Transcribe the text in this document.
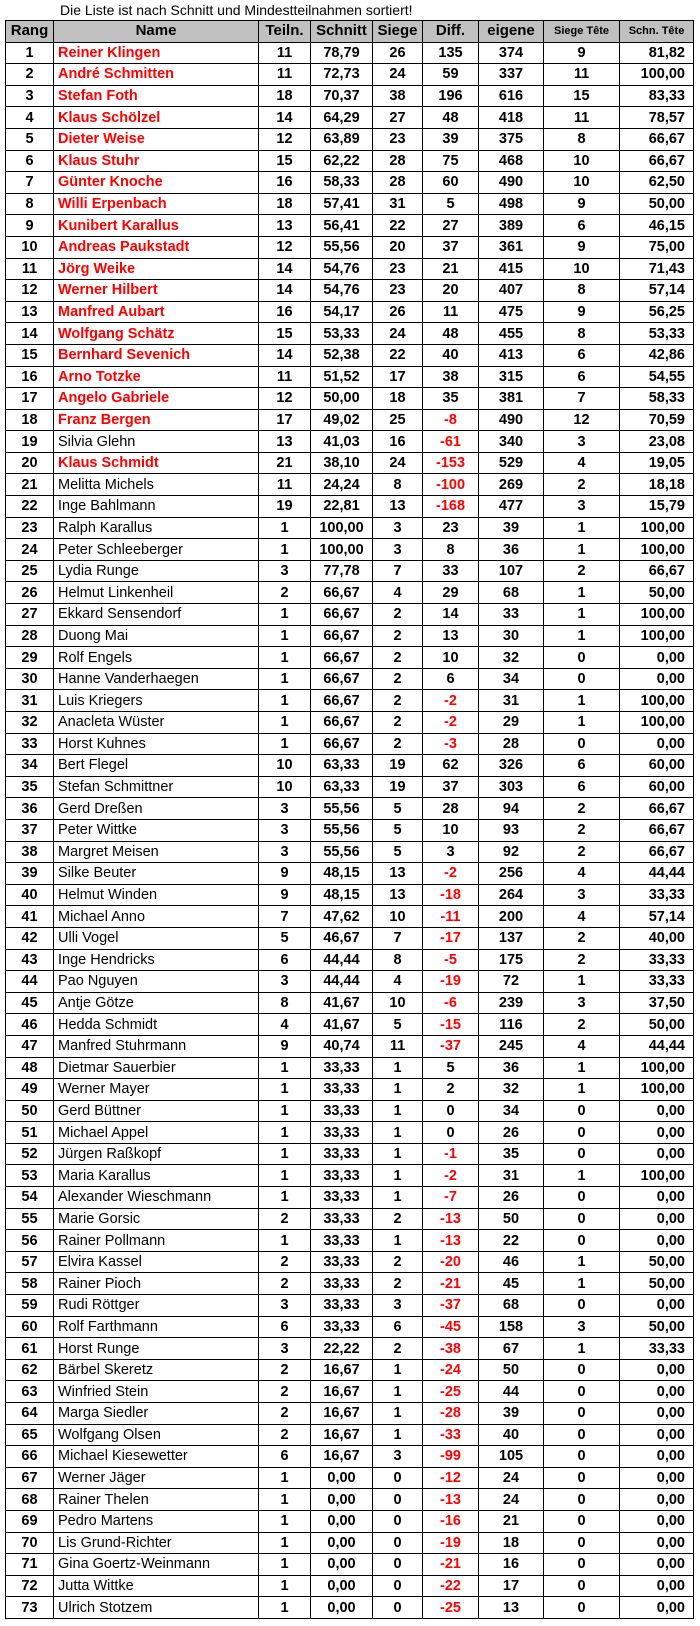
Die Liste ist nach Schnitt und Mindestteilnahmen sortiert!
Rang	Name	Teiln.	Schnitt	Siege	Diff.	eigene	Siege Tête	Schn. Tête
1	Reiner Klingen	11	78,79	26	135	374	9	81,82
2	André Schmitten	11	72,73	24	59	337	11	100,00
3	Stefan Foth	18	70,37	38	196	616	15	83,33
4	Klaus Schölzel	14	64,29	27	48	418	11	78,57
5	Dieter Weise	12	63,89	23	39	375	8	66,67
6	Klaus Stuhr	15	62,22	28	75	468	10	66,67
7	Günter Knoche	16	58,33	28	60	490	10	62,50
8	Willi Erpenbach	18	57,41	31	5	498	9	50,00
9	Kunibert Karallus	13	56,41	22	27	389	6	46,15
10	Andreas Paukstadt	12	55,56	20	37	361	9	75,00
11	Jörg Weike	14	54,76	23	21	415	10	71,43
12	Werner Hilbert	14	54,76	23	20	407	8	57,14
13	Manfred Aubart	16	54,17	26	11	475	9	56,25
14	Wolfgang Schätz	15	53,33	24	48	455	8	53,33
15	Bernhard Sevenich	14	52,38	22	40	413	6	42,86
16	Arno Totzke	11	51,52	17	38	315	6	54,55
17	Angelo Gabriele	12	50,00	18	35	381	7	58,33
18	Franz Bergen	17	49,02	25	-8	490	12	70,59
19	Silvia Glehn	13	41,03	16	-61	340	3	23,08
20	Klaus Schmidt	21	38,10	24	-153	529	4	19,05
21	Melitta Michels	11	24,24	8	-100	269	2	18,18
22	Inge Bahlmann	19	22,81	13	-168	477	3	15,79
23	Ralph Karallus	1	100,00	3	23	39	1	100,00
24	Peter Schleeberger	1	100,00	3	8	36	1	100,00
25	Lydia Runge	3	77,78	7	33	107	2	66,67
26	Helmut Linkenheil	2	66,67	4	29	68	1	50,00
27	Ekkard Sensendorf	1	66,67	2	14	33	1	100,00
28	Duong Mai	1	66,67	2	13	30	1	100,00
29	Rolf Engels	1	66,67	2	10	32	0	0,00
30	Hanne Vanderhaegen	1	66,67	2	6	34	0	0,00
31	Luis Kriegers	1	66,67	2	-2	31	1	100,00
32	Anacleta Wüster	1	66,67	2	-2	29	1	100,00
33	Horst Kuhnes	1	66,67	2	-3	28	0	0,00
34	Bert Flegel	10	63,33	19	62	326	6	60,00
35	Stefan Schmittner	10	63,33	19	37	303	6	60,00
36	Gerd Dreßen	3	55,56	5	28	94	2	66,67
37	Peter Wittke	3	55,56	5	10	93	2	66,67
38	Margret Meisen	3	55,56	5	3	92	2	66,67
39	Silke Beuter	9	48,15	13	-2	256	4	44,44
40	Helmut Winden	9	48,15	13	-18	264	3	33,33
41	Michael Anno	7	47,62	10	-11	200	4	57,14
42	Ulli Vogel	5	46,67	7	-17	137	2	40,00
43	Inge Hendricks	6	44,44	8	-5	175	2	33,33
44	Pao Nguyen	3	44,44	4	-19	72	1	33,33
45	Antje Götze	8	41,67	10	-6	239	3	37,50
46	Hedda Schmidt	4	41,67	5	-15	116	2	50,00
47	Manfred Stuhrmann	9	40,74	11	-37	245	4	44,44
48	Dietmar Sauerbier	1	33,33	1	5	36	1	100,00
49	Werner Mayer	1	33,33	1	2	32	1	100,00
50	Gerd Büttner	1	33,33	1	0	34	0	0,00
51	Michael Appel	1	33,33	1	0	26	0	0,00
52	Jürgen Raßkopf	1	33,33	1	-1	35	0	0,00
53	Maria Karallus	1	33,33	1	-2	31	1	100,00
54	Alexander Wieschmann	1	33,33	1	-7	26	0	0,00
55	Marie Gorsic	2	33,33	2	-13	50	0	0,00
56	Rainer Pollmann	1	33,33	1	-13	22	0	0,00
57	Elvira Kassel	2	33,33	2	-20	46	1	50,00
58	Rainer Pioch	2	33,33	2	-21	45	1	50,00
59	Rudi Röttger	3	33,33	3	-37	68	0	0,00
60	Rolf Farthmann	6	33,33	6	-45	158	3	50,00
61	Horst Runge	3	22,22	2	-38	67	1	33,33
62	Bärbel Skeretz	2	16,67	1	-24	50	0	0,00
63	Winfried Stein	2	16,67	1	-25	44	0	0,00
64	Marga Siedler	2	16,67	1	-28	39	0	0,00
65	Wolfgang Olsen	2	16,67	1	-33	40	0	0,00
66	Michael Kiesewetter	6	16,67	3	-99	105	0	0,00
67	Werner Jäger	1	0,00	0	-12	24	0	0,00
68	Rainer Thelen	1	0,00	0	-13	24	0	0,00
69	Pedro Martens	1	0,00	0	-16	21	0	0,00
70	Lis Grund-Richter	1	0,00	0	-19	18	0	0,00
71	Gina Goertz-Weinmann	1	0,00	0	-21	16	0	0,00
72	Jutta Wittke	1	0,00	0	-22	17	0	0,00
73	Ulrich Stotzem	1	0,00	0	-25	13	0	0,00
